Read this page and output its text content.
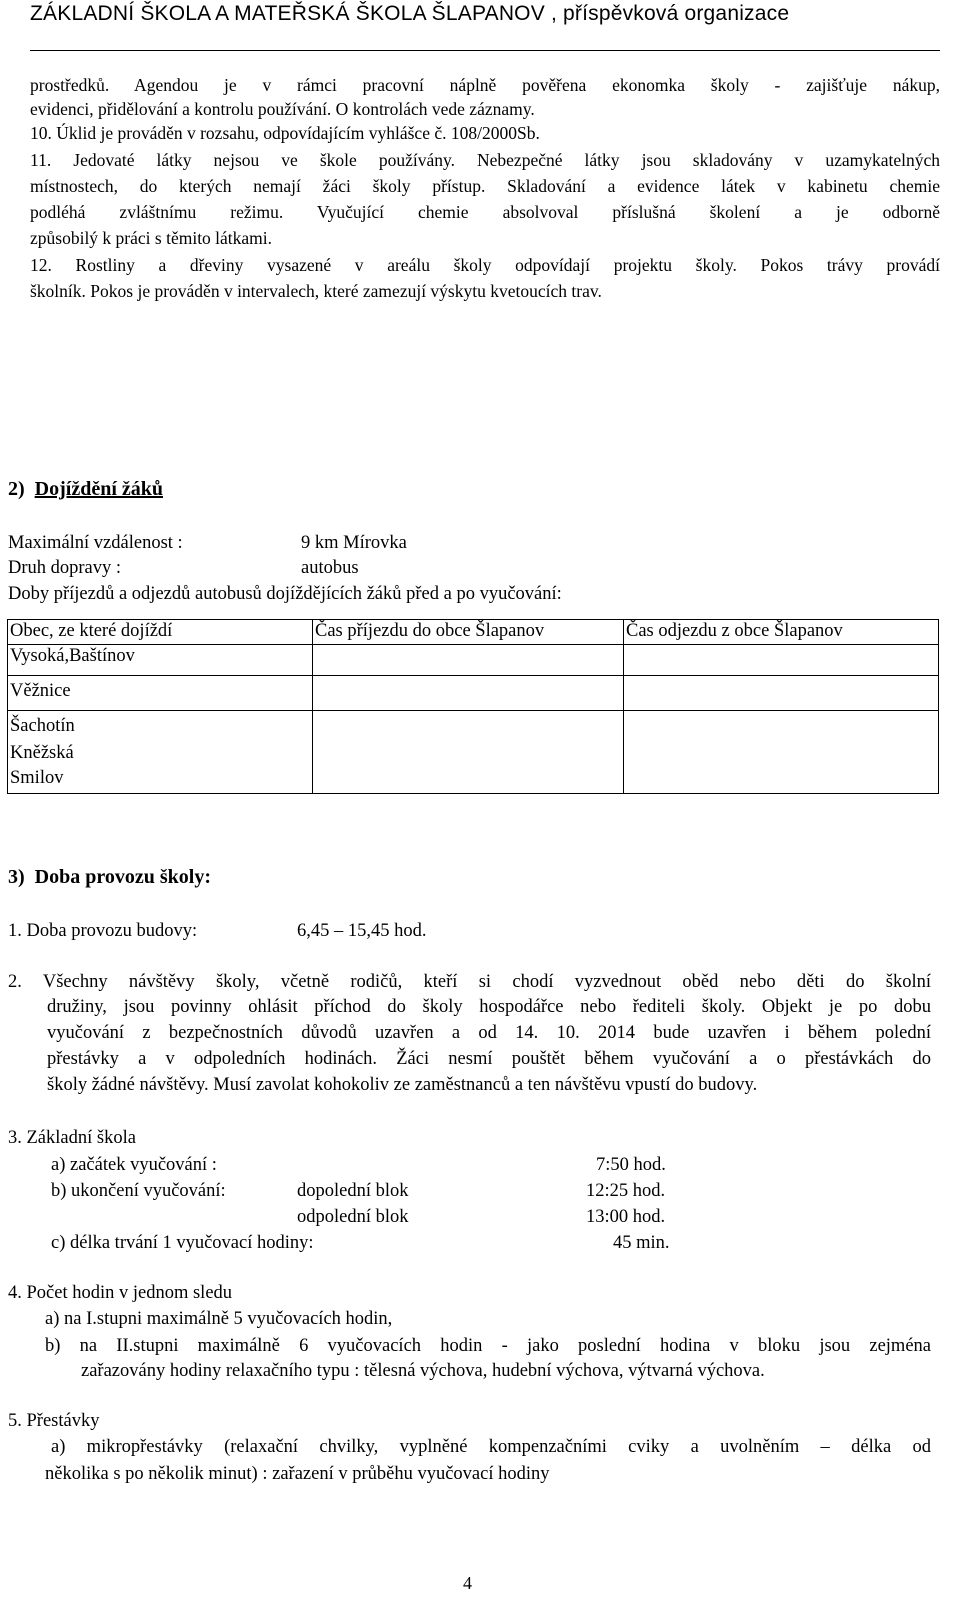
ZÁKLADNÍ ŠKOLA A MATEŘSKÁ ŠKOLA ŠLAPANOV , příspěvková organizace
prostředků. Agendou je v rámci pracovní náplně pověřena ekonomka školy - zajišťuje nákup,
evidenci, přidělování a kontrolu používání. O kontrolách vede záznamy.
10. Úklid je prováděn v rozsahu, odpovídajícím vyhlášce č. 108/2000Sb.
11. Jedovaté látky nejsou ve škole používány. Nebezpečné látky jsou skladovány v uzamykatelných
místnostech, do kterých nemají žáci školy přístup. Skladování a evidence látek v kabinetu chemie
podléhá zvláštnímu režimu. Vyučující chemie absolvoval příslušná školení a je odborně
způsobilý k práci s těmito látkami.
12. Rostliny a dřeviny vysazené v areálu školy odpovídají projektu školy. Pokos trávy provádí
školník. Pokos je prováděn v intervalech, které zamezují výskytu kvetoucích trav.
2) Dojíždění žáků
Maximální vzdálenost :	9 km Mírovka
Druh dopravy :	autobus
Doby příjezdů a odjezdů autobusů dojíždějících žáků před a po vyučování:
Obec, ze které dojíždí	Čas příjezdu do obce Šlapanov	Čas odjezdu z obce Šlapanov
Vysoká,Baštínov		
Věžnice		

Šachotín
Kněžská
Smilov		

3) Doba provozu školy:
1. Doba provozu budovy:	6,45 – 15,45 hod.
2. Všechny návštěvy školy, včetně rodičů, kteří si chodí vyzvednout oběd nebo děti do školní
družiny, jsou povinny ohlásit příchod do školy hospodářce nebo řediteli školy. Objekt je po dobu
vyučování z bezpečnostních důvodů uzavřen a od 14. 10. 2014 bude uzavřen i během polední
přestávky a v odpoledních hodinách. Žáci nesmí pouštět během vyučování a o přestávkách do
školy žádné návštěvy. Musí zavolat kohokoliv ze zaměstnanců a ten návštěvu vpustí do budovy.
3. Základní škola
a) začátek vyučování :	7:50 hod.
b) ukončení vyučování:	dopolední blok	12:25 hod.
odpolední blok	13:00 hod.
c) délka trvání 1 vyučovací hodiny:	45 min.
4. Počet hodin v jednom sledu
a) na I.stupni maximálně 5 vyučovacích hodin,
b) na II.stupni maximálně 6 vyučovacích hodin - jako poslední hodina v bloku jsou zejména
zařazovány hodiny relaxačního typu : tělesná výchova, hudební výchova, výtvarná výchova.
5. Přestávky
a) mikropřestávky (relaxační chvilky, vyplněné kompenzačními cviky a uvolněním – délka od
několika s po několik minut) : zařazení v průběhu vyučovací hodiny
4
